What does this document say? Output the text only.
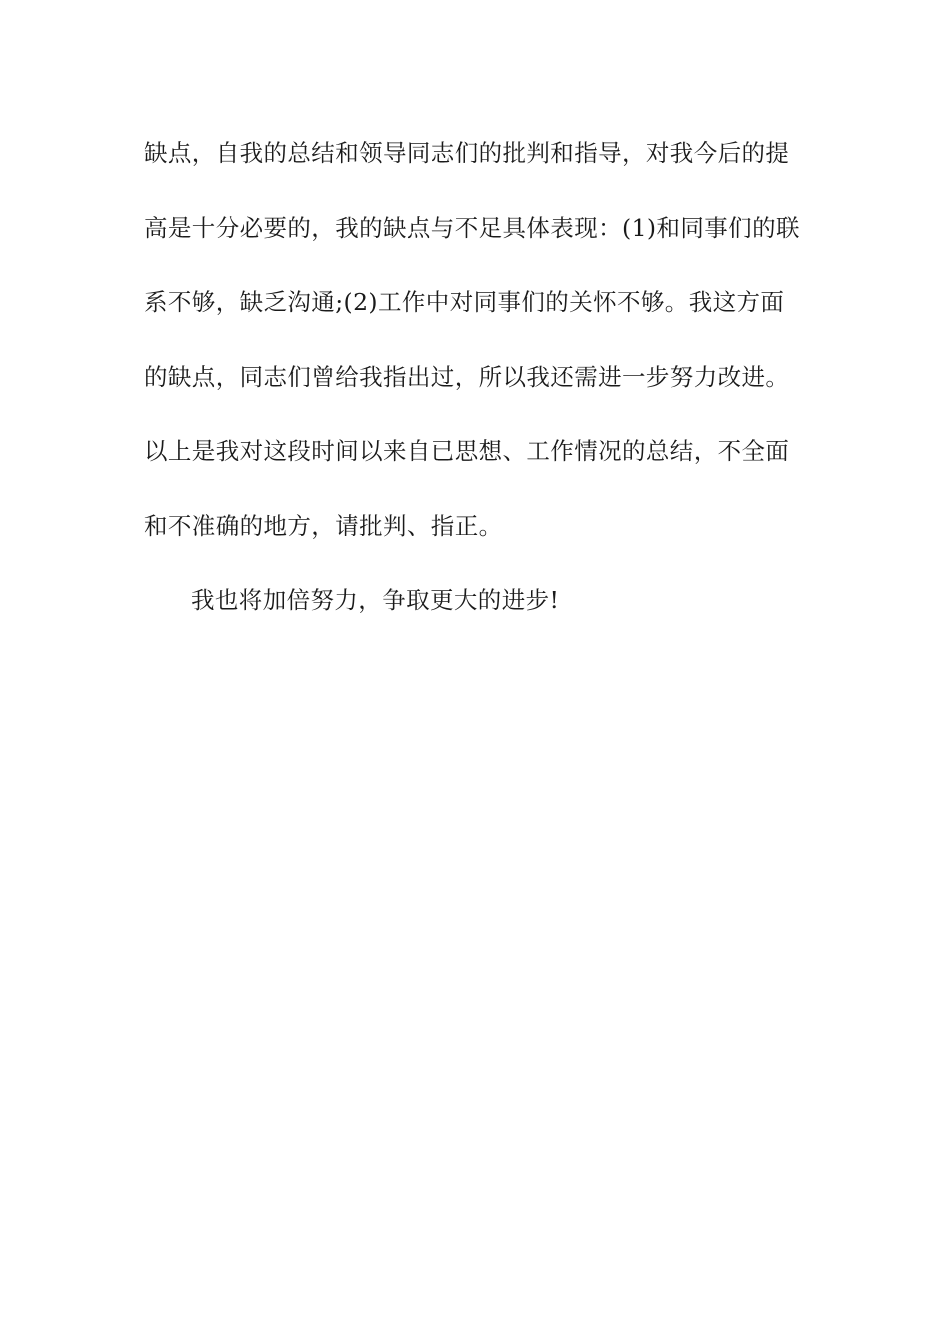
缺点，自我的总结和领导同志们的批判和指导，对我今后的提
高是十分必要的，我的缺点与不足具体表现：(1)和同事们的联
系不够，缺乏沟通;(2)工作中对同事们的关怀不够。我这方面
的缺点，同志们曾给我指出过，所以我还需进一步努力改进。
以上是我对这段时间以来自已思想、工作情况的总结，不全面
和不准确的地方，请批判、指正。
我也将加倍努力，争取更大的进步!
